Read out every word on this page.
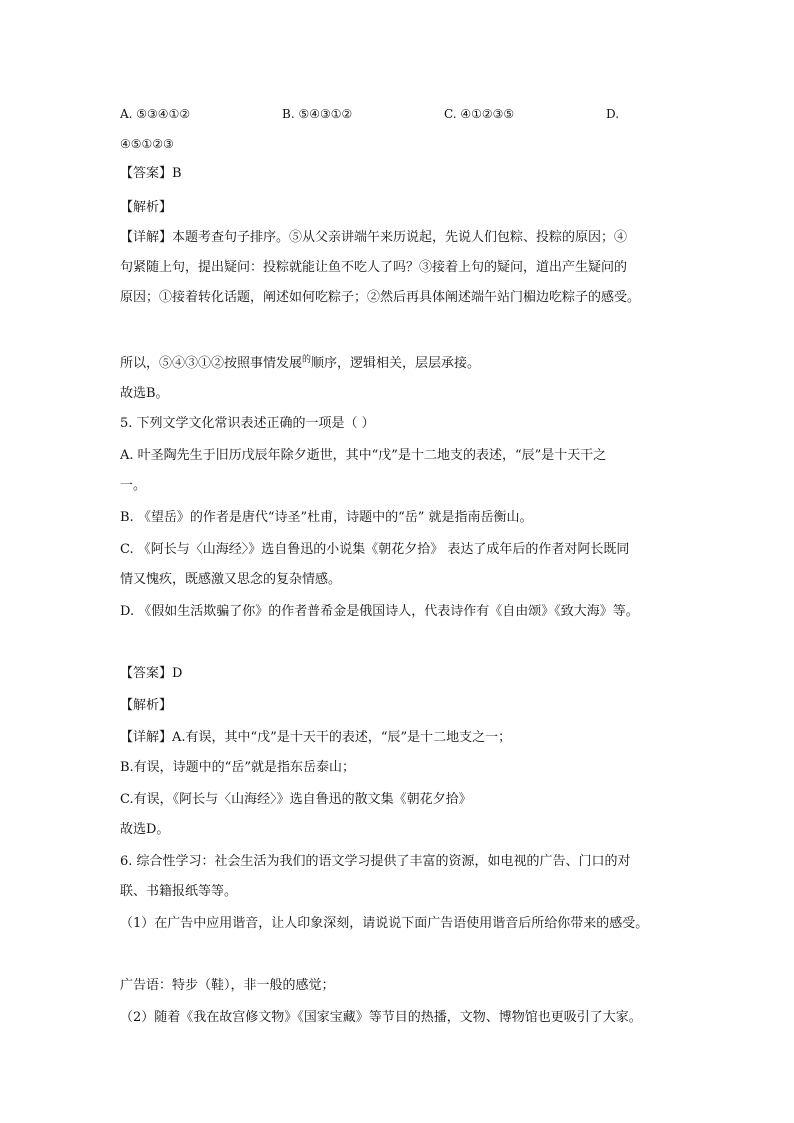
A. ⑤③④①②	B. ⑤④③①②	C. ④①②③⑤	D.
④⑤①②③
【答案】B
【解析】
【详解】本题考查句子排序。⑤从父亲讲端午来历说起，先说人们包粽、投粽的原因；④
句紧随上句，提出疑问：投粽就能让鱼不吃人了吗？③接着上句的疑问，道出产生疑问的
原因；①接着转化话题，阐述如何吃粽子；②然后再具体阐述端午站门楣边吃粽子的感受。
所以，⑤④③①②按照事情发展$^的$顺序，逻辑相关，层层承接。
故选B。
5. 下列文学文化常识表述正确的一项是（ ）
A. 叶圣陶先生于旧历戊辰年除夕逝世，其中“戊”是十二地支的表述，“辰”是十天干之
一。
B. 《望岳》的作者是唐代“诗圣”杜甫，诗题中的“岳” 就是指南岳衡山。
C. 《阿长与〈山海经〉》选自鲁迅的小说集《朝花夕拾》 表达了成年后的作者对阿长既同
情又愧疚，既感激又思念的复杂情感。
D. 《假如生活欺骗了你》的作者普希金是俄国诗人，代表诗作有《自由颂》《致大海》等。
【答案】D
【解析】
【详解】A.有误，其中“戊”是十天干的表述，“辰”是十二地支之一；
B.有误，诗题中的“岳”就是指东岳泰山；
C.有误，《阿长与〈山海经〉》选自鲁迅的散文集《朝花夕拾》
故选D。
6. 综合性学习：社会生活为我们的语文学习提供了丰富的资源，如电视的广告、门口的对
联、书籍报纸等等。
（1）在广告中应用谐音，让人印象深刻，请说说下面广告语使用谐音后所给你带来的感受。
广告语：特步（鞋），非一般的感觉；
（2）随着《我在故宫修文物》《国家宝藏》等节目的热播，文物、博物馆也更吸引了大家。
